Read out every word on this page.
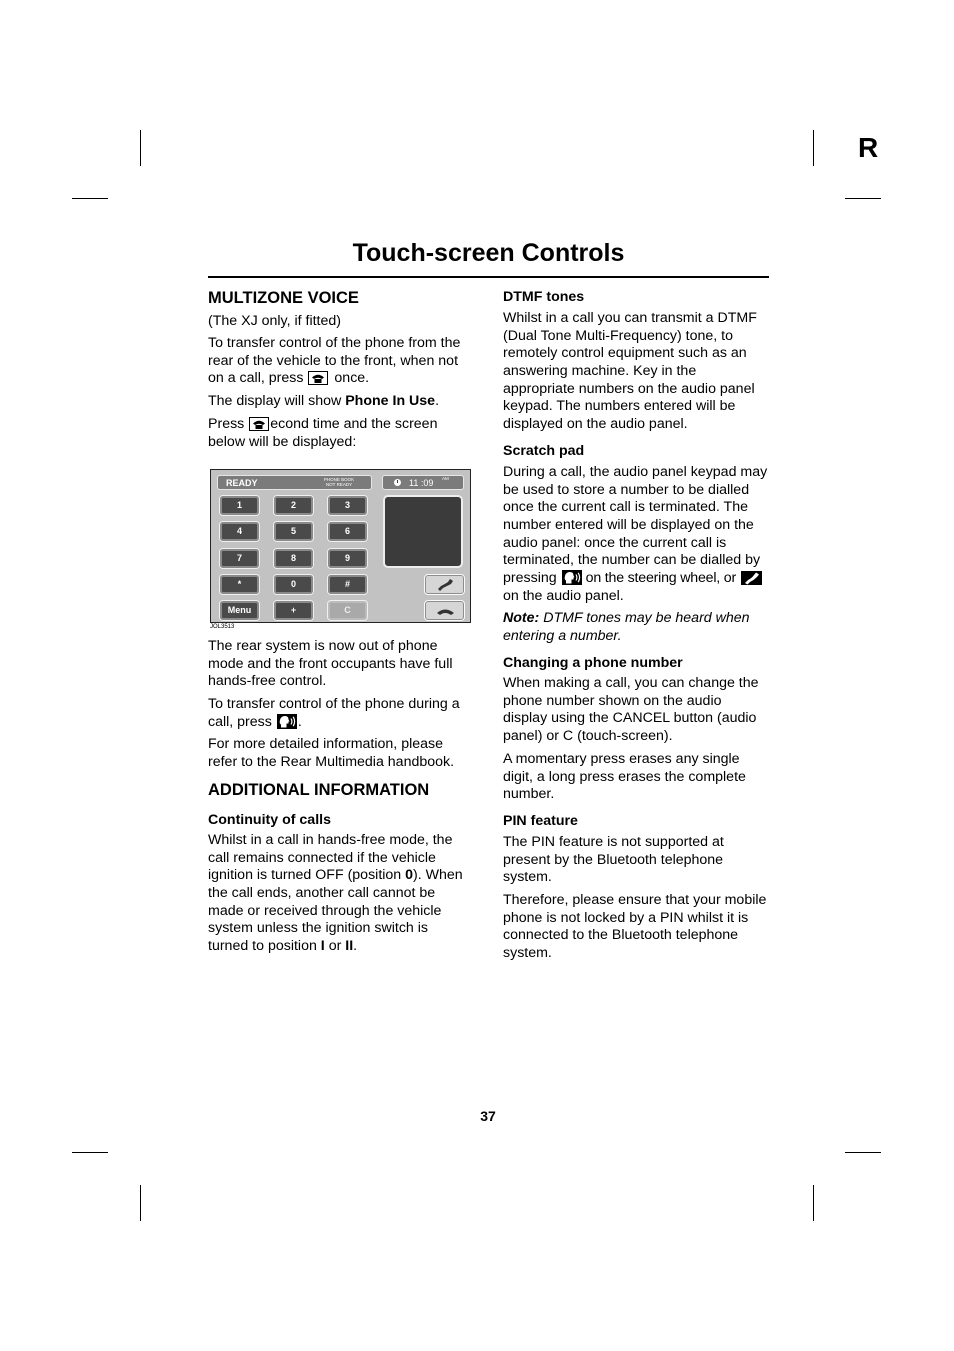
R
Touch-screen Controls
MULTIZONE VOICE
(The XJ only, if fitted)
To transfer control of the phone from the
rear of the vehicle to the front, when not
on a call, press once.
The display will show Phone In Use.
Press econd time and the screen
below will be displayed:
READY	PHONE BOOK
NOT READY	11 :09 AM
1	2	3
4	5	6
7	8	9
*	0	#
Menu	+	C
JOL3513
The rear system is now out of phone
mode and the front occupants have full
hands-free control.
To transfer control of the phone during a
call, press .
For more detailed information, please
refer to the Rear Multimedia handbook.
ADDITIONAL INFORMATION
Continuity of calls
Whilst in a call in hands-free mode, the
call remains connected if the vehicle
ignition is turned OFF (position 0). When
the call ends, another call cannot be
made or received through the vehicle
system unless the ignition switch is
turned to position I or II.
DTMF tones
Whilst in a call you can transmit a DTMF
(Dual Tone Multi-Frequency) tone, to
remotely control equipment such as an
answering machine. Key in the
appropriate numbers on the audio panel
keypad. The numbers entered will be
displayed on the audio panel.
Scratch pad
During a call, the audio panel keypad may
be used to store a number to be dialled
once the current call is terminated. The
number entered will be displayed on the
audio panel: once the current call is
terminated, the number can be dialled by
pressing on the steering wheel, or
on the audio panel.
Note: DTMF tones may be heard when
entering a number.
Changing a phone number
When making a call, you can change the
phone number shown on the audio
display using the CANCEL button (audio
panel) or C (touch-screen).
A momentary press erases any single
digit, a long press erases the complete
number.
PIN feature
The PIN feature is not supported at
present by the Bluetooth telephone
system.
Therefore, please ensure that your mobile
phone is not locked by a PIN whilst it is
connected to the Bluetooth telephone
system.
37
